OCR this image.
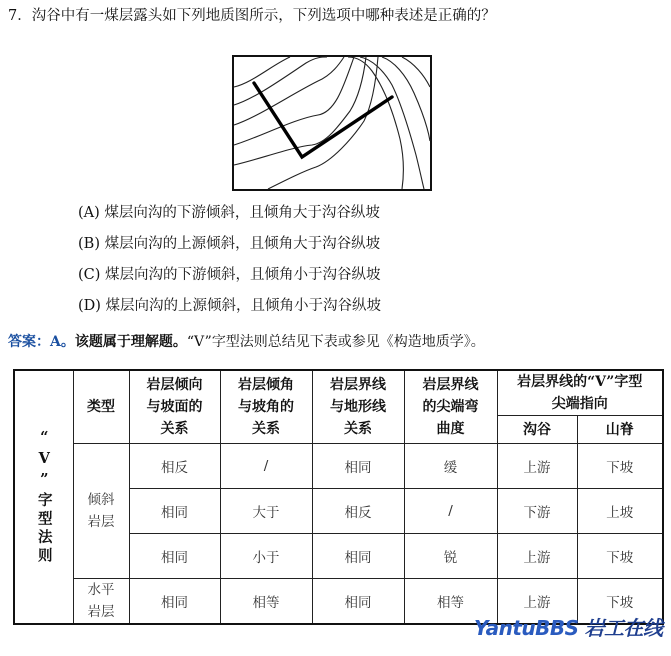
7．沟谷中有一煤层露头如下列地质图所示，下列选项中哪种表述是正确的？
(A) 煤层向沟的下游倾斜，且倾角大于沟谷纵坡
(B) 煤层向沟的上源倾斜，且倾角大于沟谷纵坡
(C) 煤层向沟的下游倾斜，且倾角小于沟谷纵坡
(D) 煤层向沟的上源倾斜，且倾角小于沟谷纵坡
答案：A。该题属于理解题。“V”字型法则总结见下表或参见《构造地质学》。
“V”字型法则	类型	岩层倾向与坡面的关系	岩层倾角与坡角的关系	岩层界线与地形线关系	岩层界线的尖端弯曲度	岩层界线的“V”字型尖端指向	

						沟谷	山脊

	倾斜岩层	相反	/	相同	缓	上游	下坡
		相同	大于	相反	/	下游	上坡
		相同	小于	相同	锐	上游	下坡

	水平岩层	相同	相等	相同	相等	上游	下坡
YantuBBS 岩工在线
